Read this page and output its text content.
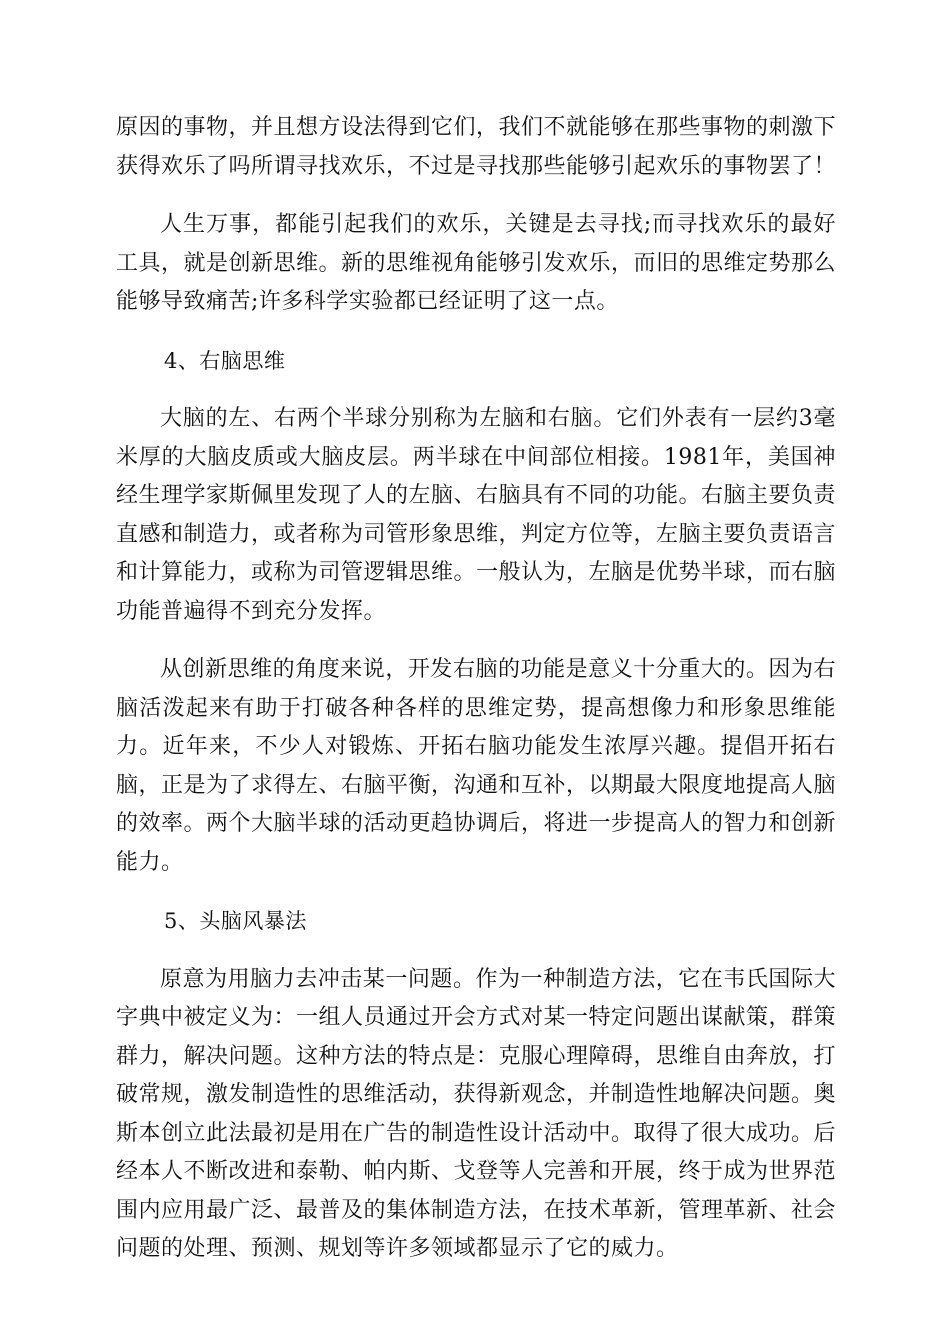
原因的事物，并且想方设法得到它们，我们不就能够在那些事物的刺激下获得欢乐了吗所谓寻找欢乐，不过是寻找那些能够引起欢乐的事物罢了！

人生万事，都能引起我们的欢乐，关键是去寻找;而寻找欢乐的最好工具，就是创新思维。新的思维视角能够引发欢乐，而旧的思维定势那么能够导致痛苦;许多科学实验都已经证明了这一点。

4、右脑思维

大脑的左、右两个半球分别称为左脑和右脑。它们外表有一层约3毫米厚的大脑皮质或大脑皮层。两半球在中间部位相接。1981年，美国神经生理学家斯佩里发现了人的左脑、右脑具有不同的功能。右脑主要负责直感和制造力，或者称为司管形象思维，判定方位等，左脑主要负责语言和计算能力，或称为司管逻辑思维。一般认为，左脑是优势半球，而右脑功能普遍得不到充分发挥。

从创新思维的角度来说，开发右脑的功能是意义十分重大的。因为右脑活泼起来有助于打破各种各样的思维定势，提高想像力和形象思维能力。近年来，不少人对锻炼、开拓右脑功能发生浓厚兴趣。提倡开拓右脑，正是为了求得左、右脑平衡，沟通和互补，以期最大限度地提高人脑的效率。两个大脑半球的活动更趋协调后，将进一步提高人的智力和创新能力。

5、头脑风暴法

原意为用脑力去冲击某一问题。作为一种制造方法，它在韦氏国际大字典中被定义为：一组人员通过开会方式对某一特定问题出谋献策，群策群力，解决问题。这种方法的特点是：克服心理障碍，思维自由奔放，打破常规，激发制造性的思维活动，获得新观念，并制造性地解决问题。奥斯本创立此法最初是用在广告的制造性设计活动中。取得了很大成功。后经本人不断改进和泰勒、帕内斯、戈登等人完善和开展，终于成为世界范围内应用最广泛、最普及的集体制造方法，在技术革新，管理革新、社会问题的处理、预测、规划等许多领域都显示了它的威力。
